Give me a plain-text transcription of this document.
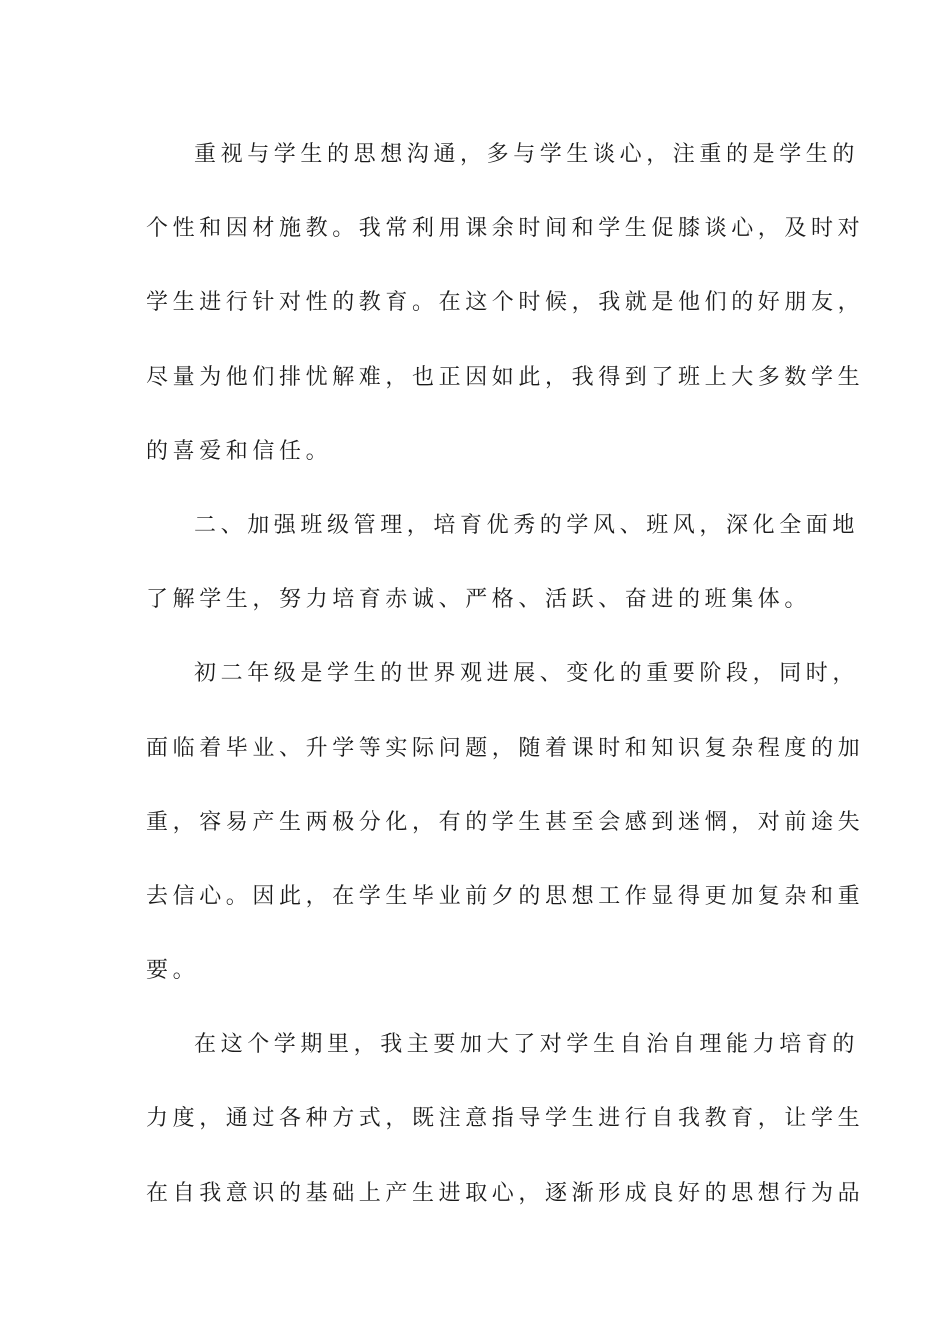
重视与学生的思想沟通，多与学生谈心，注重的是学生的
个性和因材施教。我常利用课余时间和学生促膝谈心，及时对
学生进行针对性的教育。在这个时候，我就是他们的好朋友，
尽量为他们排忧解难，也正因如此，我得到了班上大多数学生
的喜爱和信任。
二、加强班级管理，培育优秀的学风、班风，深化全面地
了解学生，努力培育赤诚、严格、活跃、奋进的班集体。
初二年级是学生的世界观进展、变化的重要阶段，同时，
面临着毕业、升学等实际问题，随着课时和知识复杂程度的加
重，容易产生两极分化，有的学生甚至会感到迷惘，对前途失
去信心。因此，在学生毕业前夕的思想工作显得更加复杂和重
要。
在这个学期里，我主要加大了对学生自治自理能力培育的
力度，通过各种方式，既注意指导学生进行自我教育，让学生
在自我意识的基础上产生进取心，逐渐形成良好的思想行为品
